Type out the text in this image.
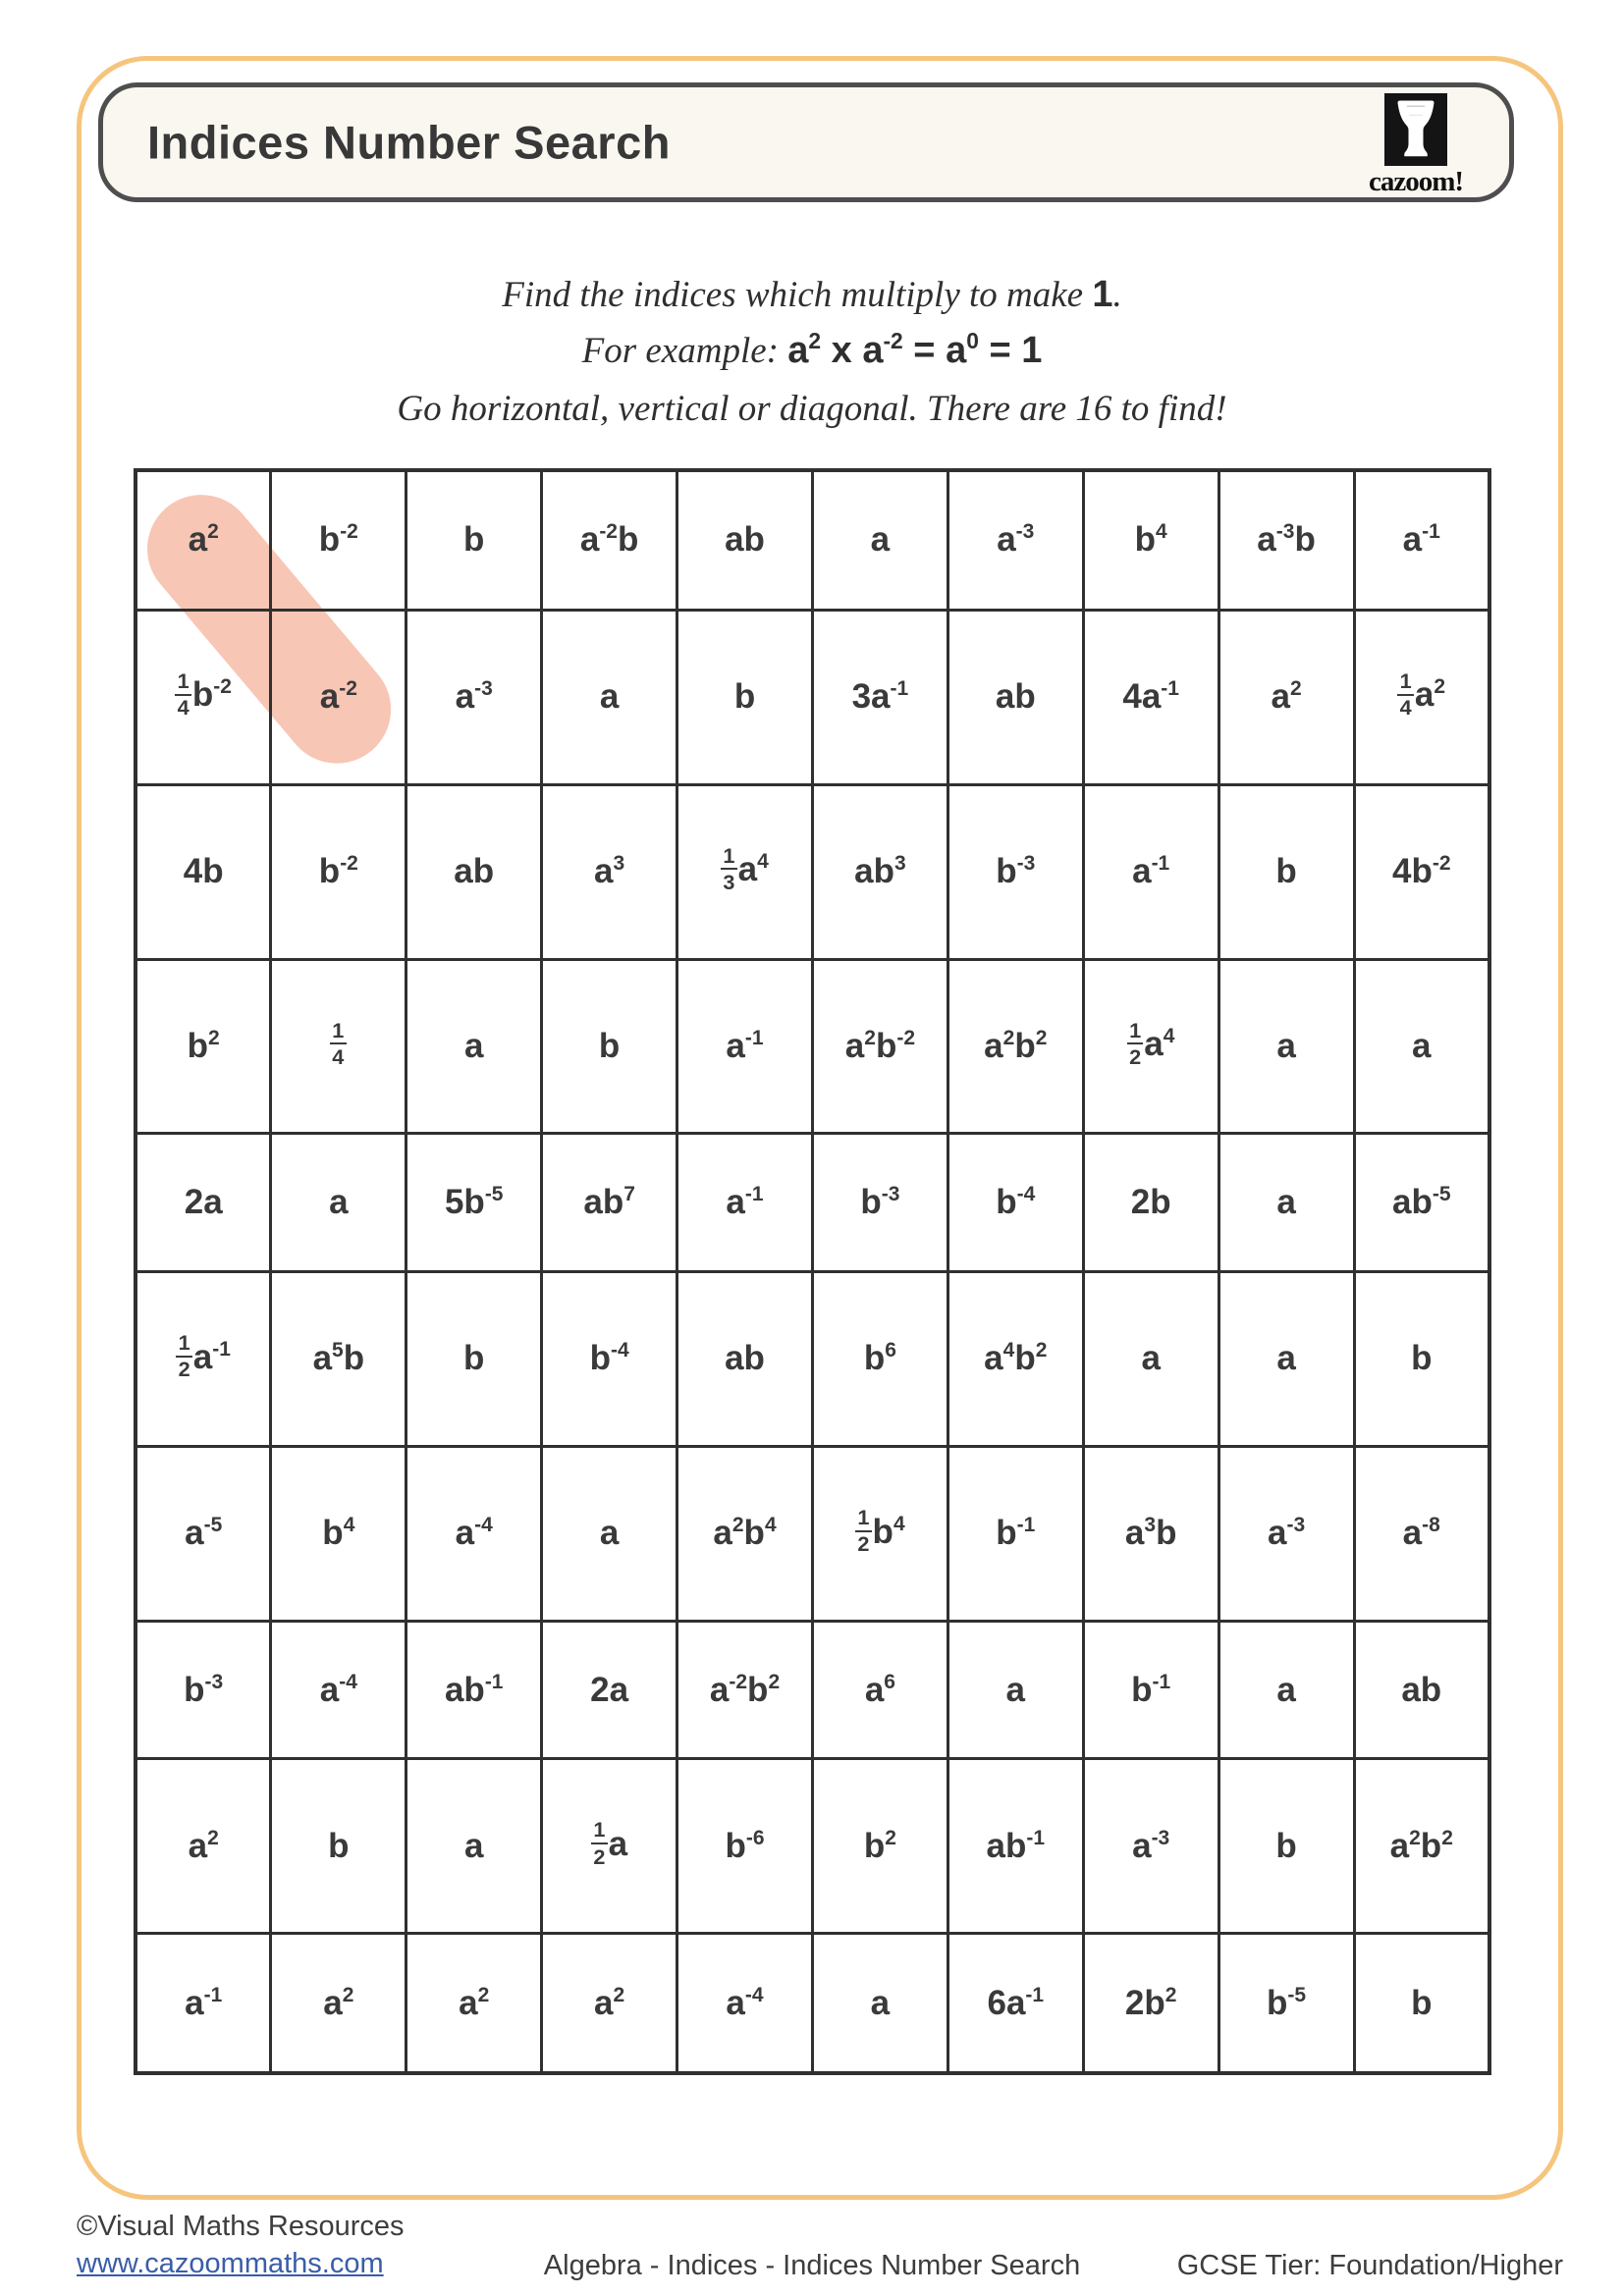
Indices Number Search
cazoom!
Find the indices which multiply to make 1.
For example: $a^2$ x $a^{-2} = a^0 = 1$
Go horizontal, vertical or diagonal. There are 16 to find!
$a^2$	$b^{-2}$	b	$a^{-2}b$	ab	a	$a^{-3}$	$b^4$	$a^{-3}b$	$a^{-1}$

$\frac{1}{4} b^{-2}$	$a^{-2}$	$a^{-3}$	a	b	$3a^{-1}$	ab	$4a^{-1}$	$a^2$	$\frac{1}{4} a^2$
4b	$b^{-2}$	ab	$a^3$	$\frac{1}{3} a^4$	$ab^3$	$b^{-3}$	$a^{-1}$	b	$4b^{-2}$
$b^2$	$\frac{1}{4}$	a	b	$a^{-1}$	$a^2b^{-2}$	$a^2b^2$	$\frac{1}{2} a^4$	a	a
2a	a	$5b^{-5}$	$ab^7$	$a^{-1}$	$b^{-3}$	$b^{-4}$	2b	a	$ab^{-5}$

$\frac{1}{2} a^{-1}$	$a^5b$	b	$b^{-4}$	ab	$b^6$	$a^4b^2$	a	a	b
$a^{-5}$	$b^4$	$a^{-4}$	a	$a^2b^4$	$\frac{1}{2} b^4$	$b^{-1}$	$a^3b$	$a^{-3}$	$a^{-8}$
$b^{-3}$	$a^{-4}$	$ab^{-1}$	2a	$a^{-2}b^2$	$a^6$	a	$b^{-1}$	a	ab
$a^2$	b	a	$\frac{1}{2}$ a	$b^{-6}$	$b^2$	$ab^{-1}$	$a^{-3}$	b	$a^2b^2$
$a^{-1}$	$a^2$	$a^2$	$a^2$	$a^{-4}$	a	$6a^{-1}$	$2b^2$	$b^{-5}$	b
©Visual Maths Resources
www.cazoommaths.com	Algebra - Indices - Indices Number Search	GCSE Tier: Foundation/Higher
